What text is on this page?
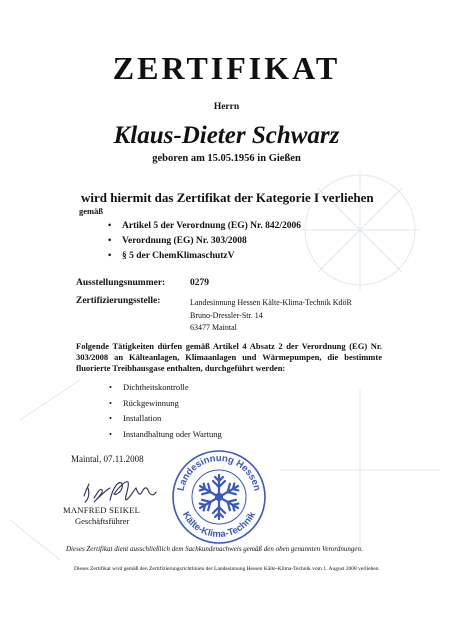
ZERTIFIKAT
Herrn
Klaus-Dieter Schwarz
geboren am 15.05.1956 in Gießen
wird hiermit das Zertifikat der Kategorie I verliehen
gemäß
• Artikel 5 der Verordnung (EG) Nr. 842/2006
• Verordnung (EG) Nr. 303/2008
• § 5 der ChemKlimaschutzV
Ausstellungsnummer:	0279
Zertifizierungsstelle:	Landesinnung Hessen Kälte-Klima-Technik KdöR
Bruno-Dressler-Str. 14
63477 Maintal
Folgende Tätigkeiten dürfen gemäß Artikel 4 Absatz 2 der Verordnung (EG) Nr. 303/2008 an Kälteanlagen, Klimaanlagen und Wärmepumpen, die bestimmte fluorierte Treibhausgase enthalten, durchgeführt werden:
• Dichtheitskontrolle
• Rückgewinnung
• Installation
• Instandhaltung oder Wartung
Maintal, 07.11.2008
MANFRED SEIKEL
Geschäftsführer
Landesinnung Hessen
Kälte-Klima-Technik
Dieses Zertifikat dient ausschließlich dem Sachkundenachweis gemäß den oben genannten Verordnungen.
Dieses Zertifikat wird gemäß den Zertifizierungsrichtlinien der Landesinnung Hessen Kälte-Klima-Technik vom 1. August 2008 verliehen
